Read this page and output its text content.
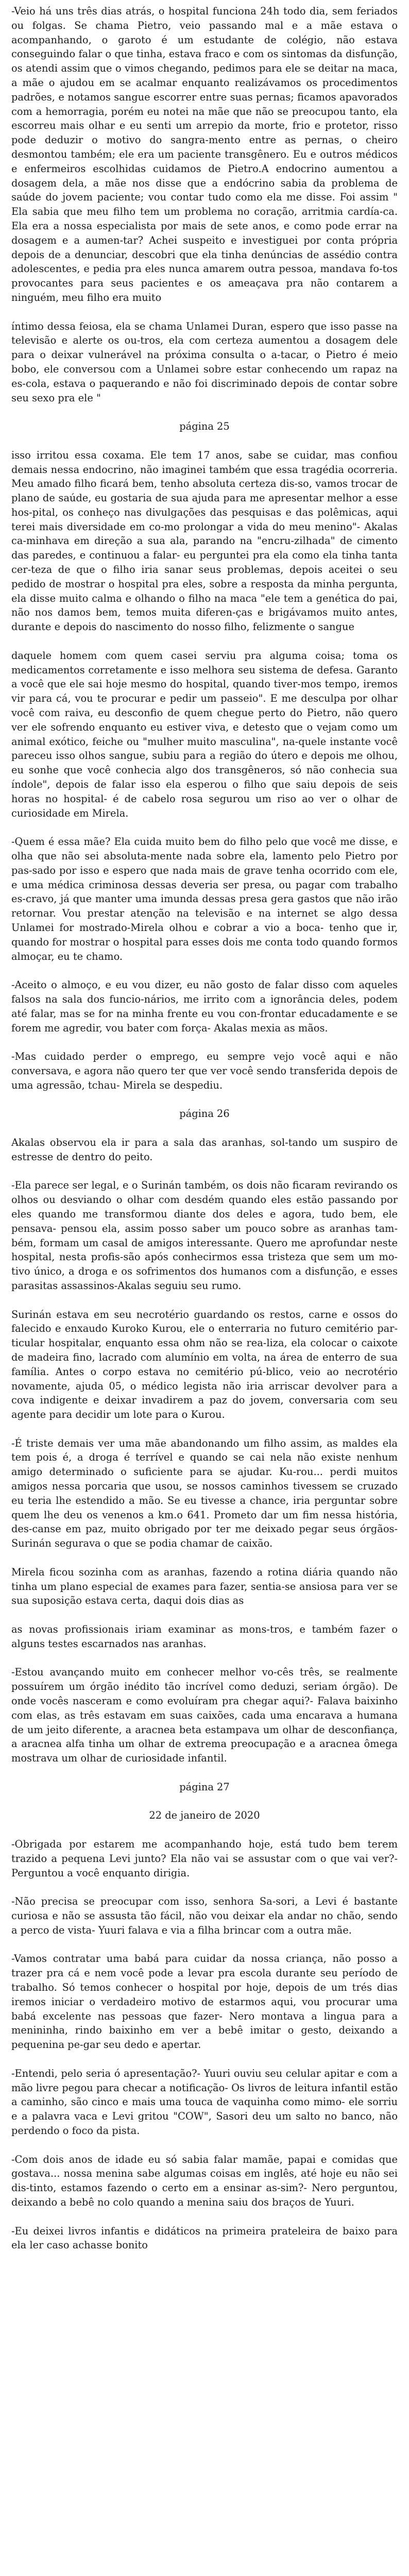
-Veio há uns três dias atrás, o hospital funciona 24h todo dia, sem feriados ou folgas. Se chama Pietro, veio passando mal e a mãe estava o acompanhando, o garoto é um estudante de colégio, não estava conseguindo falar o que tinha, estava fraco e com os sintomas da disfunção, os atendi assim que o vimos chegando, pedimos para ele se deitar na maca, a mãe o ajudou em se acalmar enquanto realizávamos os procedimentos padrões, e notamos sangue escorrer entre suas pernas; ficamos apavorados com a hemorragia, porém eu notei na mãe que não se preocupou tanto, ela escorreu mais olhar e eu senti um arrepio da morte, frio e protetor, risso pode deduzir o motivo do sangra-mento entre as pernas, o cheiro desmontou também; ele era um paciente transgênero. Eu e outros médicos e enfermeiros escolhidas cuidamos de Pietro.A endocrino aumentou a dosagem dela, a mãe nos disse que a endócrino sabia da problema de saúde do jovem paciente; vou contar tudo como ela me disse. Foi assim " Ela sabia que meu filho tem um problema no coração, arritmia cardía-ca. Ela era a nossa especialista por mais de sete anos, e como pode errar na dosagem e a aumen-tar? Achei suspeito e investiguei por conta própria depois de a denunciar, descobri que ela tinha denúncias de assédio contra adolescentes, e pedia pra eles nunca amarem outra pessoa, mandava fo-tos provocantes para seus pacientes e os ameaçava pra não contarem a ninguém, meu filho era muito

íntimo dessa feiosa, ela se chama Unlamei Duran, espero que isso passe na televisão e alerte os ou-tros, ela com certeza aumentou a dosagem dele para o deixar vulnerável na próxima consulta o a-tacar, o Pietro é meio bobo, ele conversou com a Unlamei sobre estar conhecendo um rapaz na es-cola, estava o paquerando e não foi discriminado depois de contar sobre seu sexo pra ele "

página 25

isso irritou essa coxama. Ele tem 17 anos, sabe se cuidar, mas confiou demais nessa endocrino, não imaginei também que essa tragédia ocorreria. Meu amado filho ficará bem, tenho absoluta certeza dis-so, vamos trocar de plano de saúde, eu gostaria de sua ajuda para me apresentar melhor a esse hos-pital, os conheço nas divulgações das pesquisas e das polêmicas, aqui terei mais diversidade em co-mo prolongar a vida do meu menino"- Akalas ca-minhava em direção a sua ala, parando na "encru-zilhada" de cimento das paredes, e continuou a falar- eu perguntei pra ela como ela tinha tanta cer-teza de que o filho iria sanar seus problemas, depois aceitei o seu pedido de mostrar o hospital pra eles, sobre a resposta da minha pergunta, ela disse muito calma e olhando o filho na maca "ele tem a genética do pai, não nos damos bem, temos muita diferen-ças e brigávamos muito antes, durante e depois do nascimento do nosso filho, felizmente o sangue

daquele homem com quem casei serviu pra alguma coisa; toma os medicamentos corretamente e isso melhora seu sistema de defesa. Garanto a você que ele sai hoje mesmo do hospital, quando tiver-mos tempo, iremos vir para cá, vou te procurar e pedir um passeio". E me desculpa por olhar você com raiva, eu desconfio de quem chegue perto do Pietro, não quero ver ele sofrendo enquanto eu estiver viva, e detesto que o vejam como um animal exótico, feiche ou "mulher muito masculina", na-quele instante você pareceu isso olhos sangue, subiu para a região do útero e depois me olhou, eu sonhe que você conhecia algo dos transgêneros, só não conhecia sua índole", depois de falar isso ela esperou o filho que saiu depois de seis horas no hospital- é de cabelo rosa segurou um riso ao ver o olhar de curiosidade em Mirela.

-Quem é essa mãe? Ela cuida muito bem do filho pelo que você me disse, e olha que não sei absoluta-mente nada sobre ela, lamento pelo Pietro por pas-sado por isso e espero que nada mais de grave tenha ocorrido com ele, e uma médica criminosa dessas deveria ser presa, ou pagar com trabalho es-cravo, já que manter uma imunda dessas presa gera gastos que não irão retornar. Vou prestar atenção na televisão e na internet se algo dessa Unlamei for mostrado-Mirela olhou e cobrar a vio a boca- tenho que ir, quando for mostrar o hospital para esses dois me conta todo quando formos almoçar, eu te chamo.

-Aceito o almoço, e eu vou dizer, eu não gosto de falar disso com aqueles falsos na sala dos funcio-nários, me irrito com a ignorância deles, podem até falar, mas se for na minha frente eu vou con-frontar educadamente e se forem me agredir, vou bater com força- Akalas mexia as mãos.

-Mas cuidado perder o emprego, eu sempre vejo você aqui e não conversava, e agora não quero ter que ver você sendo transferida depois de uma agressão, tchau- Mirela se despediu.

página 26

Akalas observou ela ir para a sala das aranhas, sol-tando um suspiro de estresse de dentro do peito.

-Ela parece ser legal, e o Surinán também, os dois não ficaram revirando os olhos ou desviando o olhar com desdém quando eles estão passando por eles quando me transformou diante dos deles e agora, tudo bem, ele pensava- pensou ela, assim posso saber um pouco sobre as aranhas tam-bém, formam um casal de amigos interessante. Quero me aprofundar neste hospital, nesta profis-são após conhecirmos essa tristeza que sem um mo-tivo único, a droga e os sofrimentos dos humanos com a disfunção, e esses parasitas assassinos-Akalas seguiu seu rumo.

Surinán estava em seu necrotério guardando os restos, carne e ossos do falecido e enxaudo Kuroko Kurou, ele o enterraria no futuro cemitério par-ticular hospitalar, enquanto essa ohm não se rea-liza, ela colocar o caixote de madeira fino, lacrado com alumínio em volta, na área de enterro de sua família. Antes o corpo estava no cemitério pú-blico, veio ao necrotério novamente, ajuda 05, o médico legista não iria arriscar devolver para a cova indigente e deixar invadirem a paz do jovem, conversaria com seu agente para decidir um lote para o Kurou.

-É triste demais ver uma mãe abandonando um filho assim, as maldes ela tem pois é, a droga é terrível e quando se cai nela não existe nenhum amigo determinado o suficiente para se ajudar. Ku-rou... perdi muitos amigos nessa porcaria que usou, se nossos caminhos tivessem se cruzado eu teria lhe estendido a mão. Se eu tivesse a chance, iria perguntar sobre quem lhe deu os venenos a km.o 641. Prometo dar um fim nessa história, des-canse em paz, muito obrigado por ter me deixado pegar seus órgãos- Surinán segurava o que se podia chamar de caixão.

Mirela ficou sozinha com as aranhas, fazendo a rotina diária quando não tinha um plano especial de exames para fazer, sentia-se ansiosa para ver se sua suposição estava certa, daqui dois dias as

as novas profissionais iriam examinar as mons-tros, e também fazer o alguns testes escarnados nas aranhas.

-Estou avançando muito em conhecer melhor vo-cês três, se realmente possuírem um órgão inédito tão incrível como deduzi, seriam órgão). De onde vocês nasceram e como evoluíram pra chegar aqui?- Falava baixinho com elas, as três estavam em suas caixões, cada uma encarava a humana de um jeito diferente, a aracnea beta estampava um olhar de desconfiança, a aracnea alfa tinha um olhar de extrema preocupação e a aracnea ômega mostrava um olhar de curiosidade infantil.

página 27

22 de janeiro de 2020

-Obrigada por estarem me acompanhando hoje, está tudo bem terem trazido a pequena Levi junto? Ela não vai se assustar com o que vai ver?- Perguntou a você enquanto dirigia.

-Não precisa se preocupar com isso, senhora Sa-sori, a Levi é bastante curiosa e não se assusta tão fácil, não vou deixar ela andar no chão, sendo a perco de vista- Yuuri falava e via a filha brincar com a outra mãe.

-Vamos contratar uma babá para cuidar da nossa criança, não posso a trazer pra cá e nem você pode a levar pra escola durante seu período de trabalho. Só temos conhecer o hospital por hoje, depois de um trés dias iremos iniciar o verdadeiro motivo de estarmos aqui, vou procurar uma babá excelente nas pessoas que fazer- Nero montava a lingua para a menininha, rindo baixinho em ver a bebê imitar o gesto, deixando a pequenina pe-gar seu dedo e apertar.

-Entendi, pelo seria ó apresentação?- Yuuri ouviu seu celular apitar e com a mão livre pegou para checar a notificação- Os livros de leitura infantil estão a caminho, são cinco e mais uma touca de vaquinha como mimo- ele sorriu e a palavra vaca e Levi gritou "COW", Sasori deu um salto no banco, não perdendo o foco da pista.

-Com dois anos de idade eu só sabia falar mamãe, papai e comidas que gostava... nossa menina sabe algumas coisas em inglês, até hoje eu não sei dis-tinto, estamos fazendo o certo em a ensinar as-sim?- Nero perguntou, deixando a bebê no colo quando a menina saiu dos braços de Yuuri.

-Eu deixei livros infantis e didáticos na primeira prateleira de baixo para ela ler caso achasse bonito
